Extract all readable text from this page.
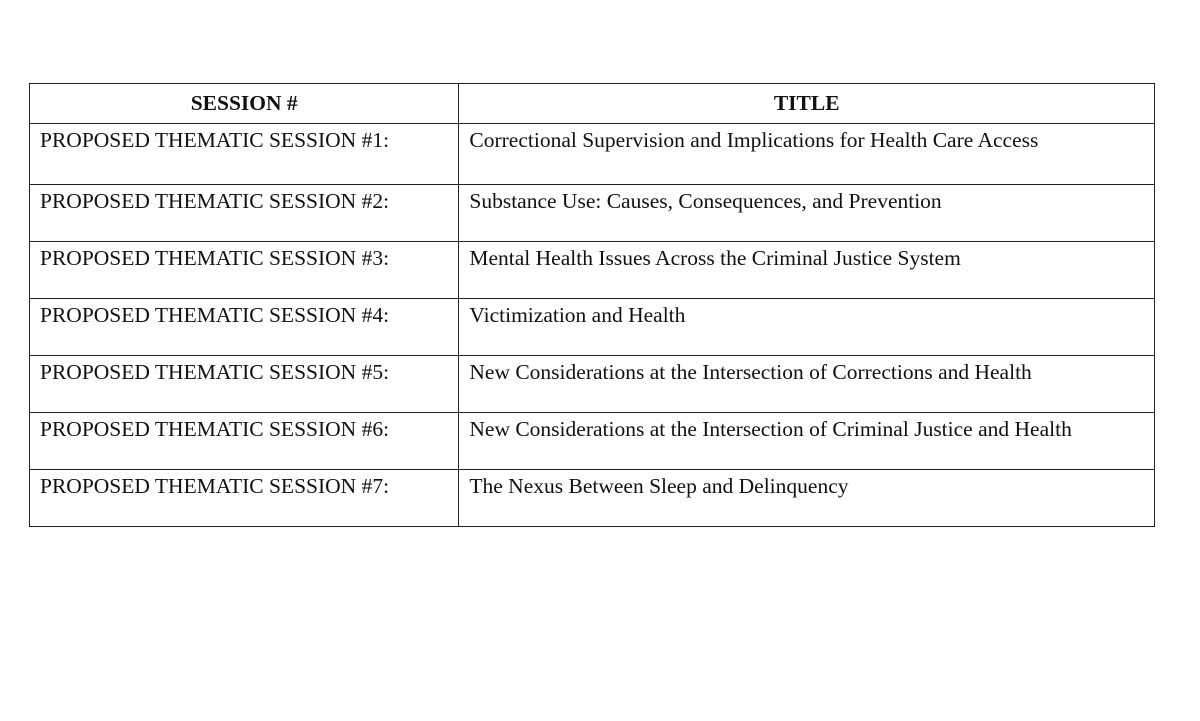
SESSION #	TITLE
PROPOSED THEMATIC SESSION #1:	Correctional Supervision and Implications for Health Care Access
PROPOSED THEMATIC SESSION #2:	Substance Use: Causes, Consequences, and Prevention
PROPOSED THEMATIC SESSION #3:	Mental Health Issues Across the Criminal Justice System
PROPOSED THEMATIC SESSION #4:	Victimization and Health
PROPOSED THEMATIC SESSION #5:	New Considerations at the Intersection of Corrections and Health
PROPOSED THEMATIC SESSION #6:	New Considerations at the Intersection of Criminal Justice and Health
PROPOSED THEMATIC SESSION #7:	The Nexus Between Sleep and Delinquency
